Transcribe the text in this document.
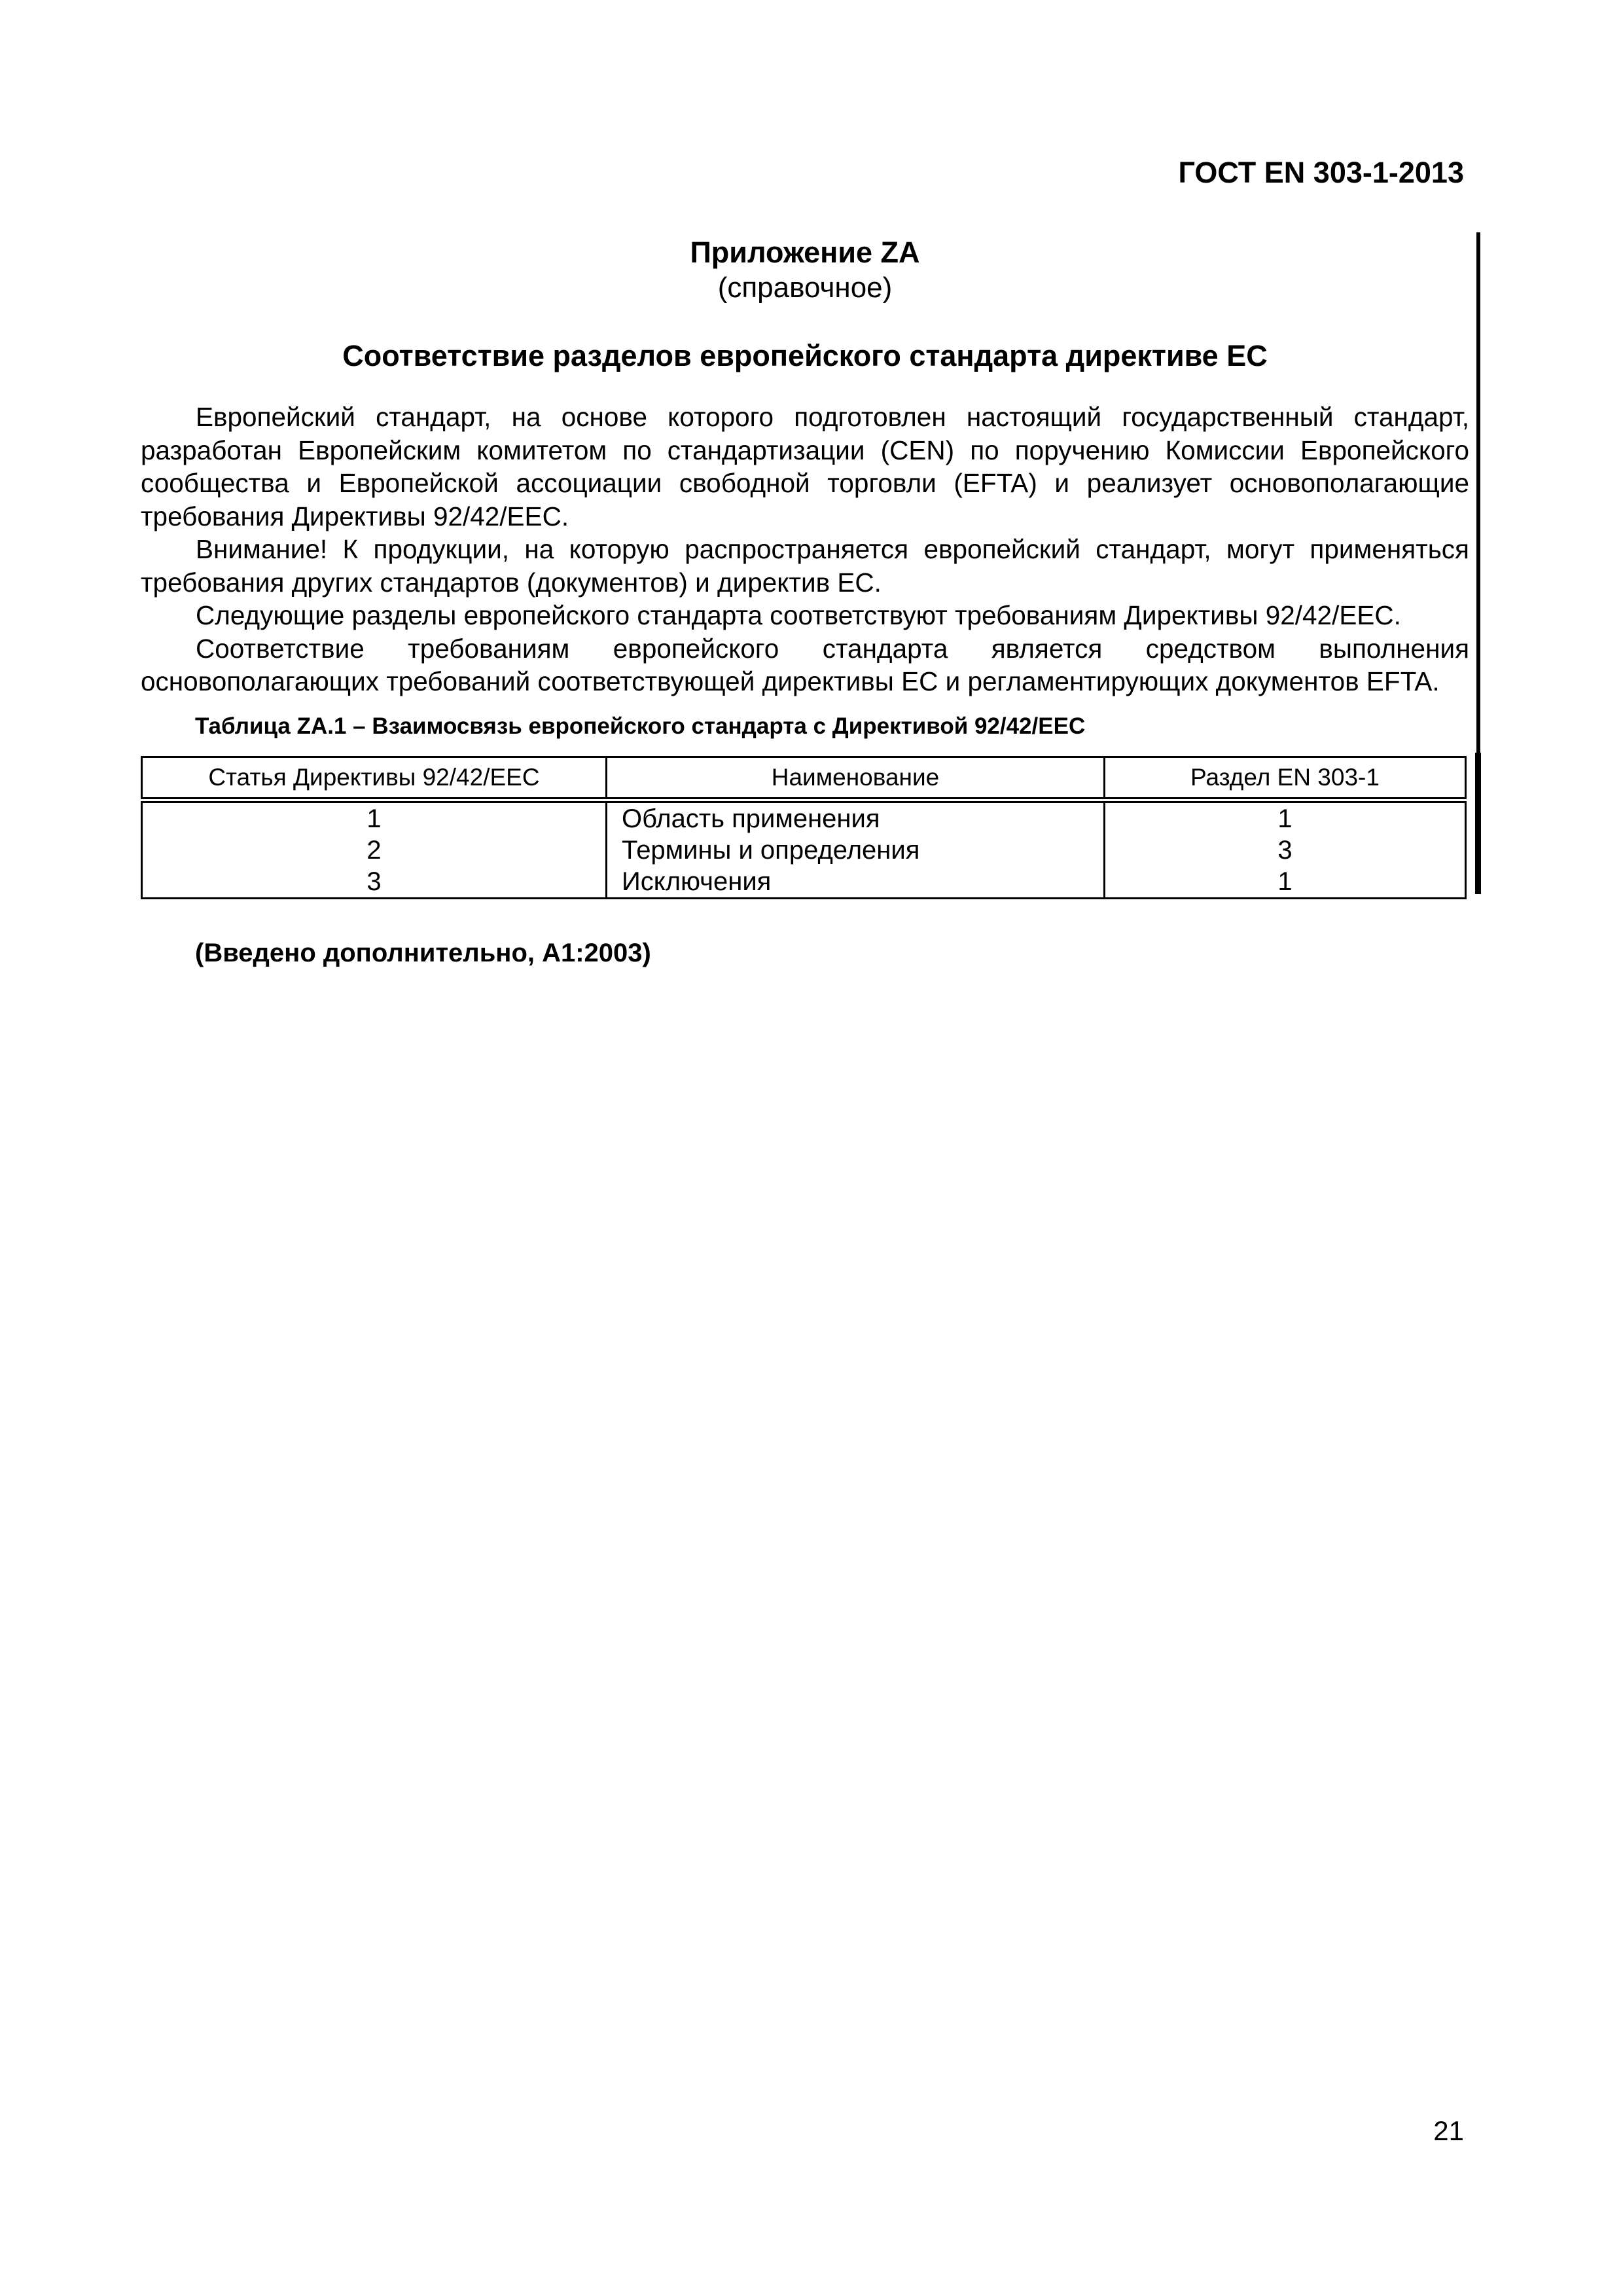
ГОСТ EN 303-1-2013
Приложение ZA
(справочное)
Соответствие разделов европейского стандарта директиве ЕС

Европейский стандарт, на основе которого подготовлен настоящий государственный стандарт, разработан Европейским комитетом по стандартизации (CEN) по поручению Комиссии Европейского сообщества и Европейской ассоциации свободной торговли (EFTA) и реализует основополагающие требования Директивы 92/42/EEC.

Внимание! К продукции, на которую распространяется европейский стандарт, могут применяться требования других стандартов (документов) и директив ЕС.

Следующие разделы европейского стандарта соответствуют требованиям Директивы 92/42/EEC.

Соответствие требованиям европейского стандарта является средством выполнения основополагающих требований соответствующей директивы ЕС и регламентирующих документов EFTA.

Таблица ZA.1 – Взаимосвязь европейского стандарта с Директивой 92/42/EEC
Статья Директивы 92/42/EEC	Наименование	Раздел EN 303-1
1	Область применения	1
2	Термины и определения	3
3	Исключения	1
(Введено дополнительно, A1:2003)
21
